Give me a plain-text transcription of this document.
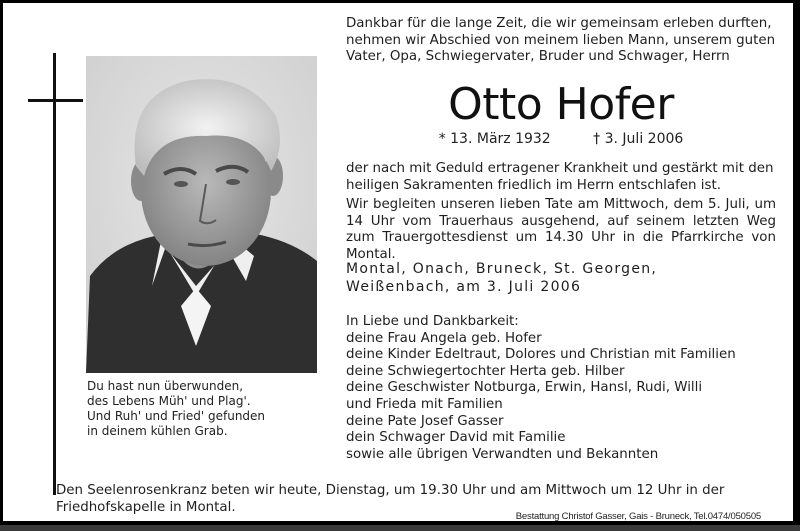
Du hast nun überwunden,
des Lebens Müh' und Plag'.
Und Ruh' und Fried' gefunden
in deinem kühlen Grab.
Dankbar für die lange Zeit, die wir gemeinsam erleben durften,
nehmen wir Abschied von meinem lieben Mann, unserem guten
Vater, Opa, Schwiegervater, Bruder und Schwager, Herrn
Otto Hofer
* 13. März 1932	† 3. Juli 2006
der nach mit Geduld ertragener Krankheit und gestärkt mit den
heiligen Sakramenten friedlich im Herrn entschlafen ist.
Wir begleiten unseren lieben Tate am Mittwoch, dem 5. Juli, um 14 Uhr vom Trauerhaus ausgehend, auf seinem letzten Weg zum Trauergottesdienst um 14.30 Uhr in die Pfarrkirche von Montal.
Montal, Onach, Bruneck, St. Georgen,
Weißenbach, am 3. Juli 2006
In Liebe und Dankbarkeit:
deine Frau Angela geb. Hofer
deine Kinder Edeltraut, Dolores und Christian mit Familien
deine Schwiegertochter Herta geb. Hilber
deine Geschwister Notburga, Erwin, Hansl, Rudi, Willi
und Frieda mit Familien
deine Pate Josef Gasser
dein Schwager David mit Familie
sowie alle übrigen Verwandten und Bekannten
Den Seelenrosenkranz beten wir heute, Dienstag, um 19.30 Uhr und am Mittwoch um 12 Uhr in der
Friedhofskapelle in Montal.
Bestattung Christof Gasser, Gais - Bruneck, Tel.0474/050505
